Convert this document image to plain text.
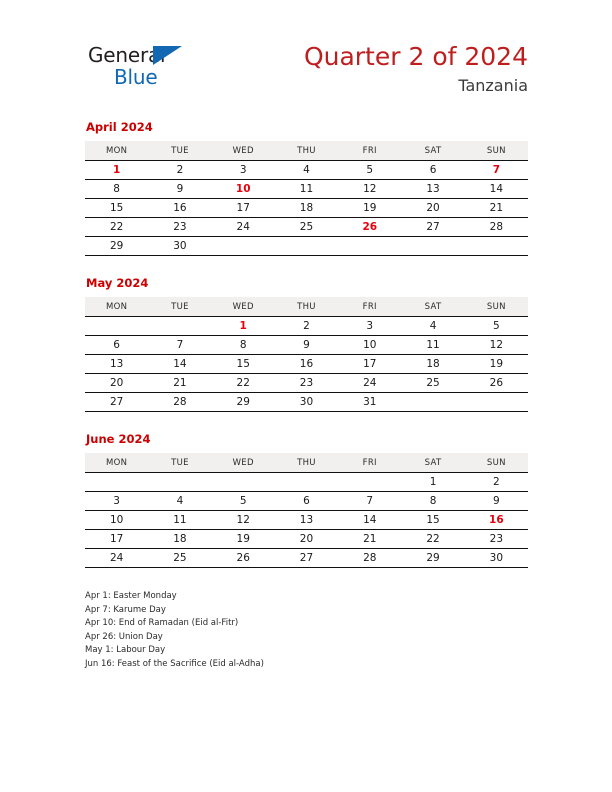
General
Blue
Quarter 2 of 2024
Tanzania
April 2024
MON	TUE	WED	THU	FRI	SAT	SUN
1	2	3	4	5	6	7
8	9	10	11	12	13	14
15	16	17	18	19	20	21
22	23	24	25	26	27	28
29	30					
May 2024
MON	TUE	WED	THU	FRI	SAT	SUN
		1	2	3	4	5
6	7	8	9	10	11	12
13	14	15	16	17	18	19
20	21	22	23	24	25	26
27	28	29	30	31		
June 2024
MON	TUE	WED	THU	FRI	SAT	SUN
					1	2
3	4	5	6	7	8	9
10	11	12	13	14	15	16
17	18	19	20	21	22	23
24	25	26	27	28	29	30
Apr 1: Easter Monday
Apr 7: Karume Day
Apr 10: End of Ramadan (Eid al-Fitr)
Apr 26: Union Day
May 1: Labour Day
Jun 16: Feast of the Sacrifice (Eid al-Adha)
